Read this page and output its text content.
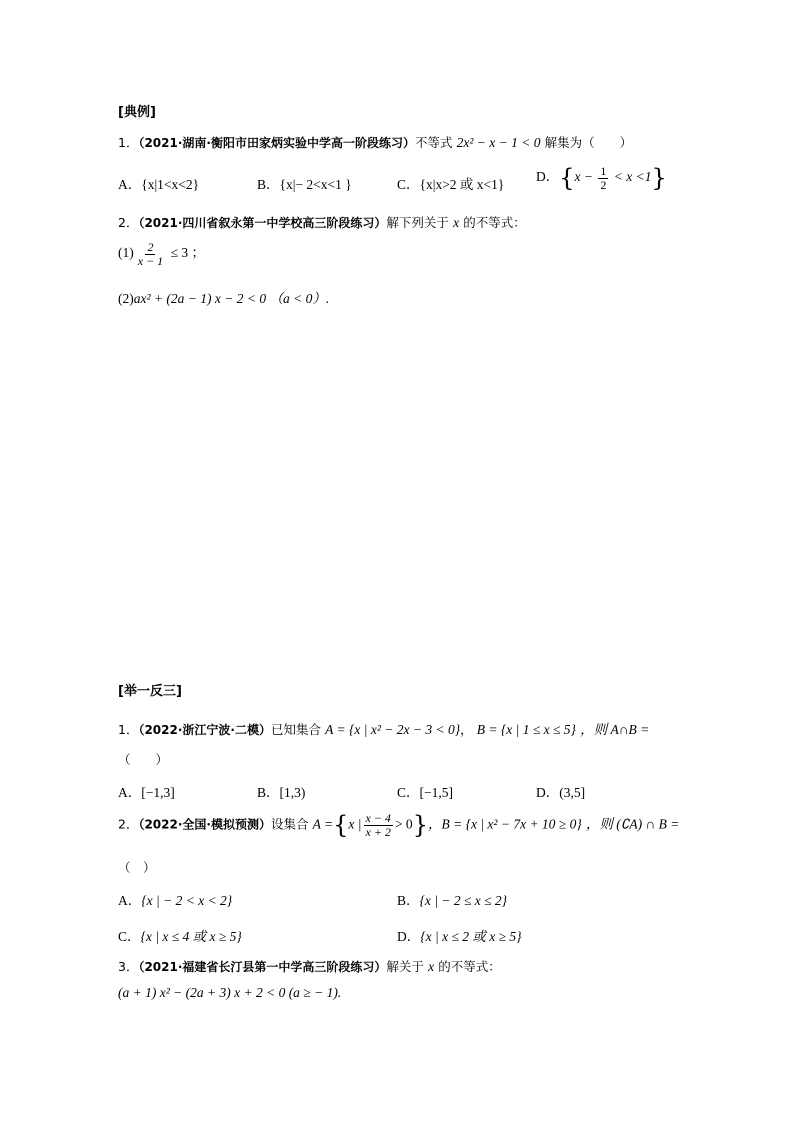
[典例]
1．（2021·湖南·衡阳市田家炳实验中学高一阶段练习）不等式 2x² − x − 1 < 0 解集为（　　）
A．{x|1<x<2}	B．{x|− 2<x<1 }	C．{x|x>2 或 x<1}
D．$\{x - \frac{1}{2} < x <1\}$
2．（2021·四川省叙永第一中学校高三阶段练习）解下列关于 x 的不等式：
$(1) \frac{2}{x - 1} \le 3$ ；
(2)ax² + (2a − 1) x − 2 < 0 （a < 0）.
[举一反三]
1．（2022·浙江宁波·二模）已知集合 A = {x | x² − 2x − 3 < 0}， B = {x | 1 ≤ x ≤ 5} ，则 A∩B =
（　　）
A．[−1,3]	B．[1,3)	C．[−1,5]	D．(3,5]
2．（2022·全国·模拟预测）设集合 A ={x | $\frac{x - 4}{x + 2} > 0$}，B = {x | x² − 7x + 10 ≥ 0} ，则 (∁A) ∩ B =
（　）
A．{x | − 2 < x < 2}	B．{x | − 2 ≤ x ≤ 2}
C．{x | x ≤ 4 或 x ≥ 5}	D．{x | x ≤ 2 或 x ≥ 5}
3．（2021·福建省长汀县第一中学高三阶段练习）解关于 x 的不等式：
(a + 1) x² − (2a + 3) x + 2 < 0 (a ≥ − 1).
